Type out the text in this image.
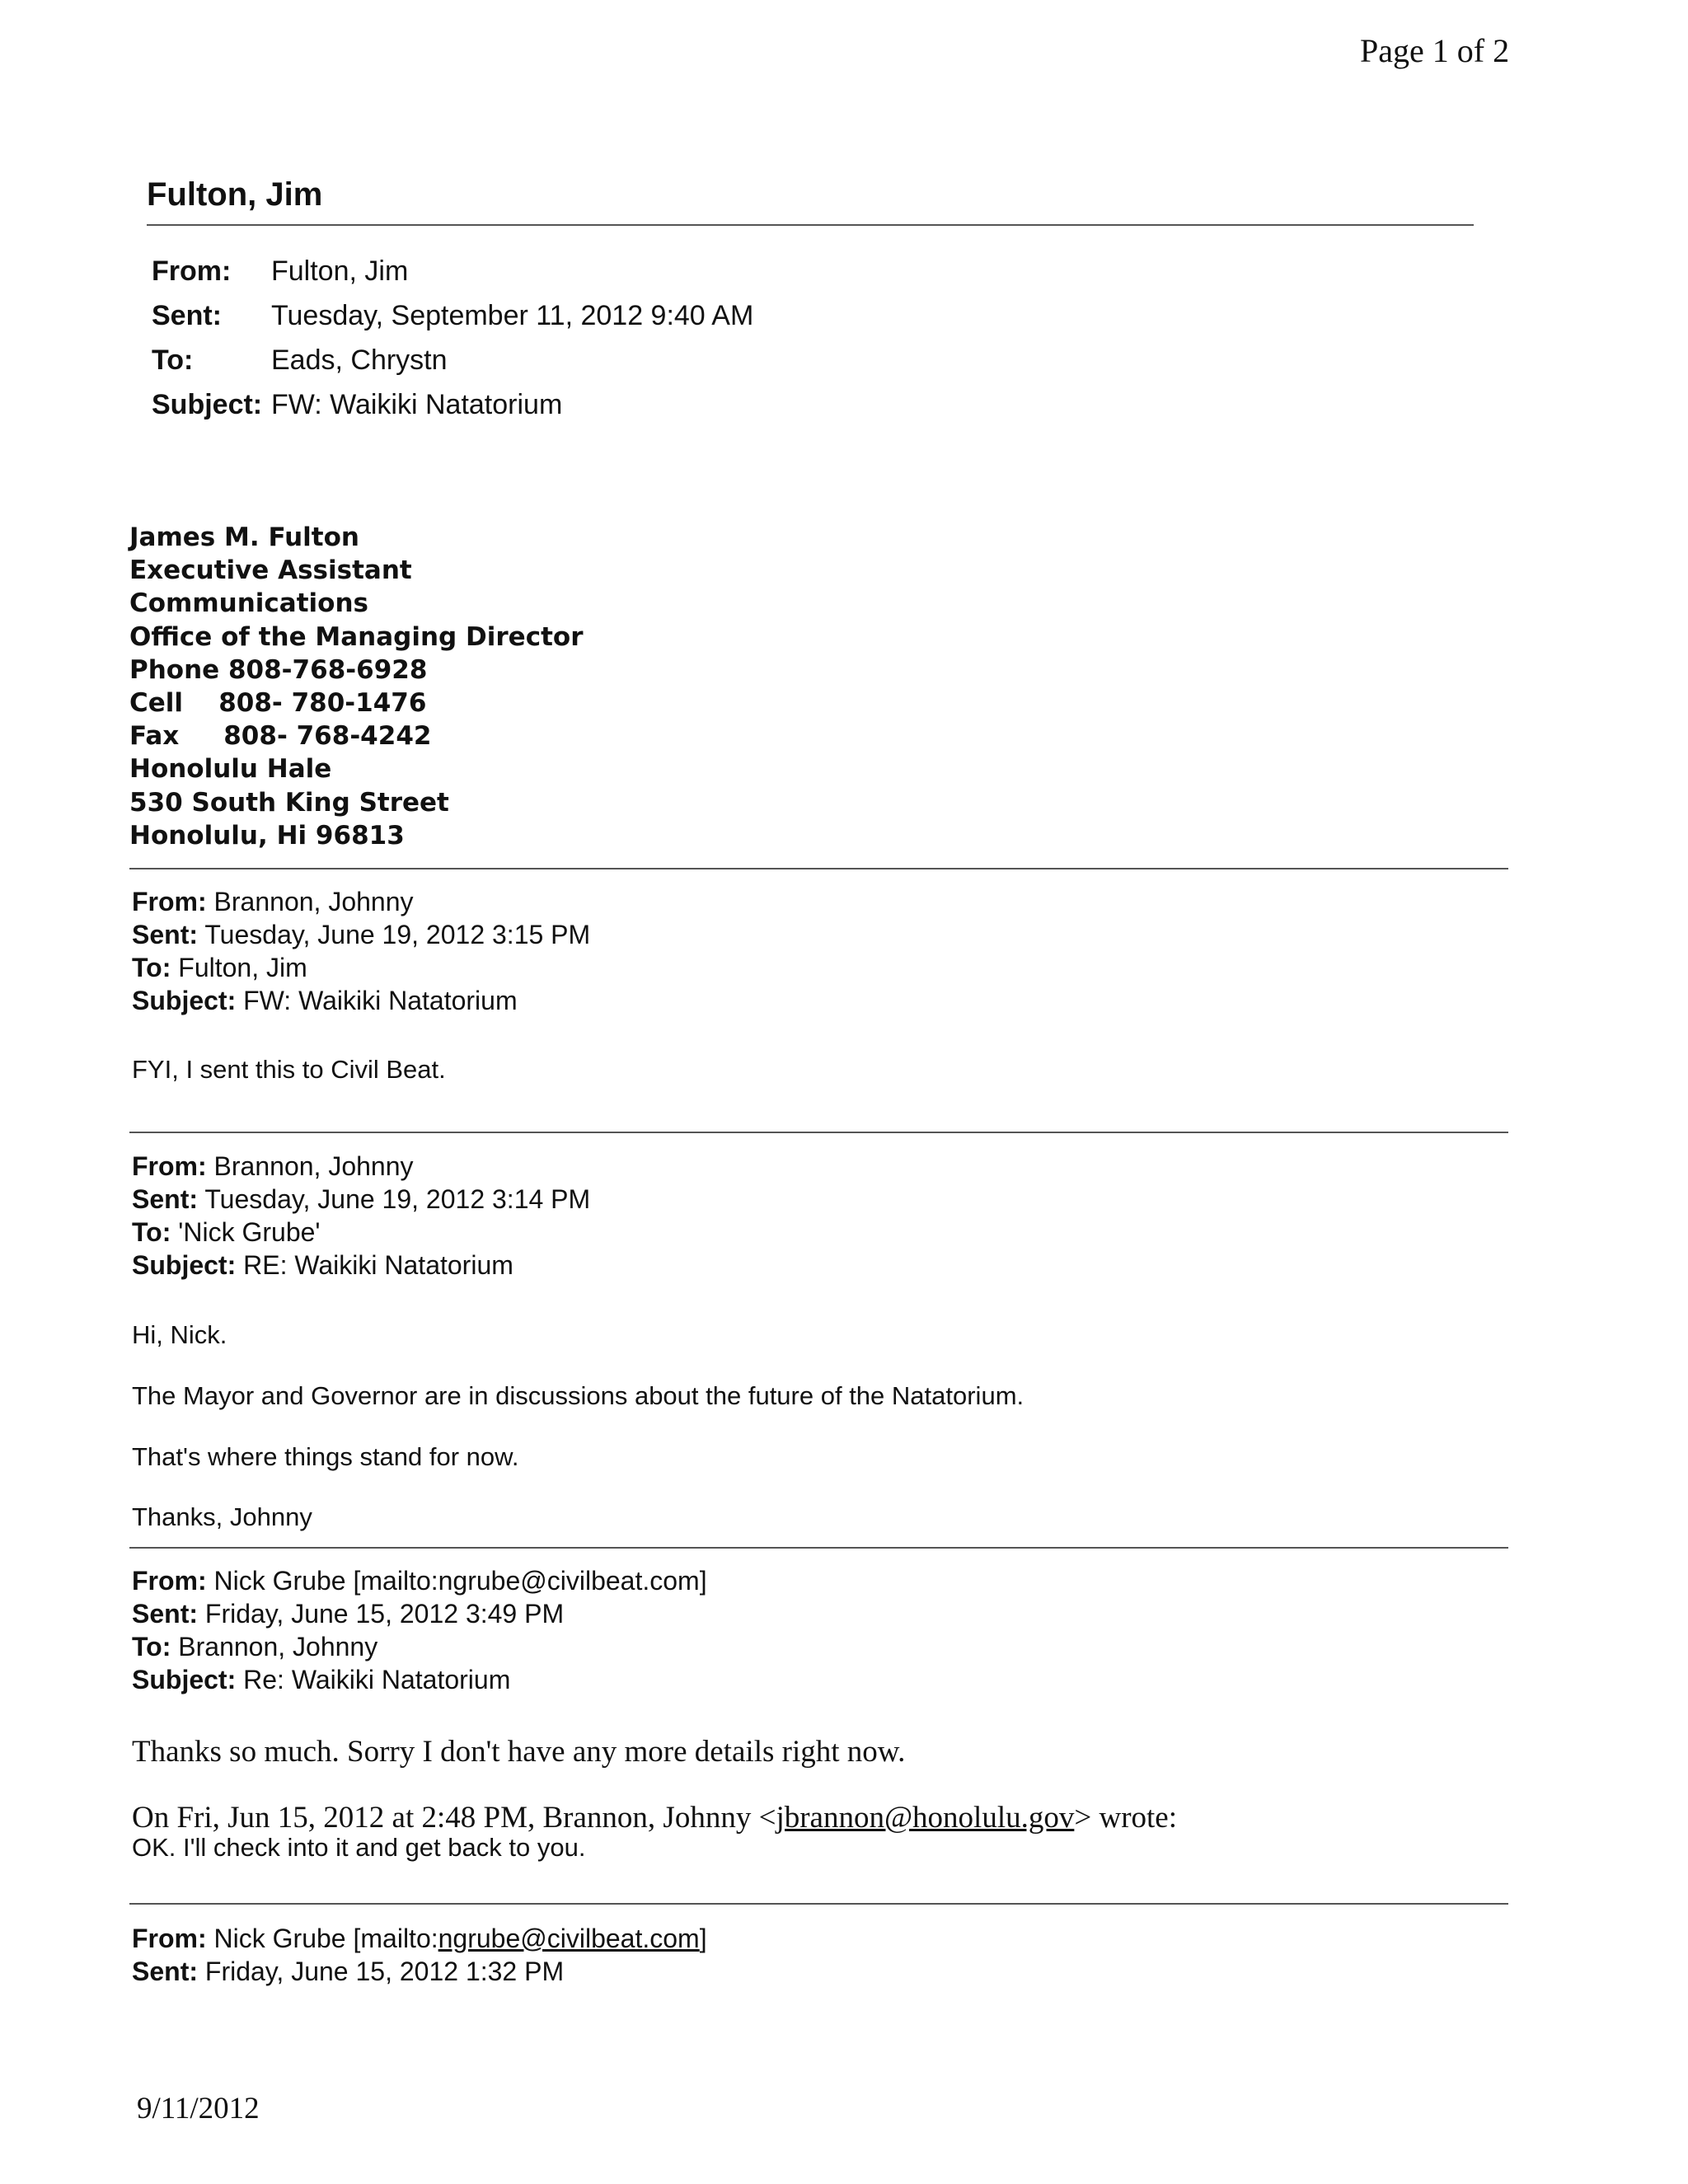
Page 1 of 2
Fulton, Jim
From:	Fulton, Jim
Sent:	Tuesday, September 11, 2012 9:40 AM
To:	Eads, Chrystn
Subject: FW: Waikiki Natatorium
James M. Fulton
Executive Assistant
Communications
Office of the Managing Director
Phone 808-768-6928
Cell    808- 780-1476
Fax     808- 768-4242
Honolulu Hale
530 South King Street
Honolulu, Hi 96813
From: Brannon, Johnny
Sent: Tuesday, June 19, 2012 3:15 PM
To: Fulton, Jim
Subject: FW: Waikiki Natatorium
FYI, I sent this to Civil Beat.
From: Brannon, Johnny
Sent: Tuesday, June 19, 2012 3:14 PM
To: 'Nick Grube'
Subject: RE: Waikiki Natatorium
Hi, Nick.
The Mayor and Governor are in discussions about the future of the Natatorium.
That's where things stand for now.
Thanks, Johnny
From: Nick Grube [mailto:ngrube@civilbeat.com]
Sent: Friday, June 15, 2012 3:49 PM
To: Brannon, Johnny
Subject: Re: Waikiki Natatorium
Thanks so much. Sorry I don't have any more details right now.
On Fri, Jun 15, 2012 at 2:48 PM, Brannon, Johnny <jbrannon@honolulu.gov> wrote:
OK. I'll check into it and get back to you.
From: Nick Grube [mailto:ngrube@civilbeat.com]
Sent: Friday, June 15, 2012 1:32 PM
9/11/2012
